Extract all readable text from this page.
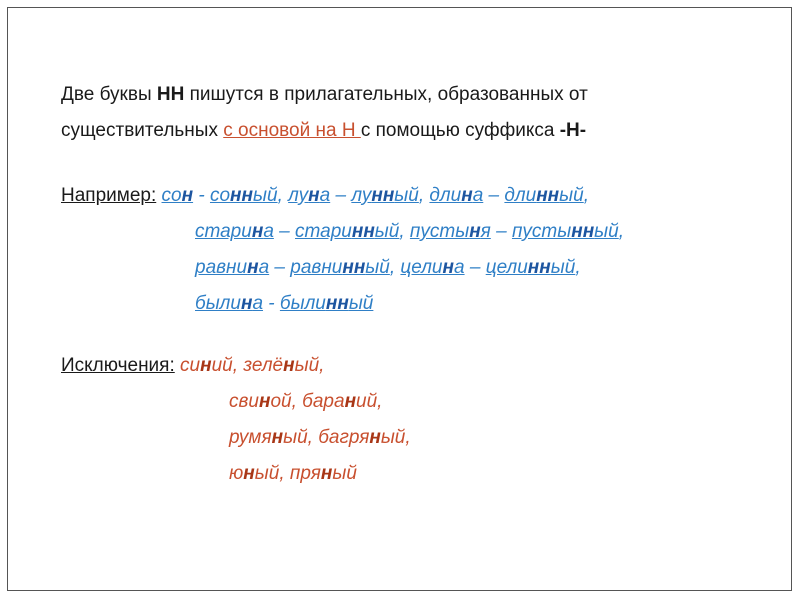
Две буквы НН пишутся в прилагательных, образованных от
существительных с основой на Н с помощью суффикса -Н-
Например: сон - сонный, луна – лунный, длина – длинный,
старина – старинный, пустыня – пустынный,
равнина – равнинный, целина – целинный,
былина - былинный
Исключения: синий, зелёный,
свиной, бараний,
румяный, багряный,
юный, пряный
